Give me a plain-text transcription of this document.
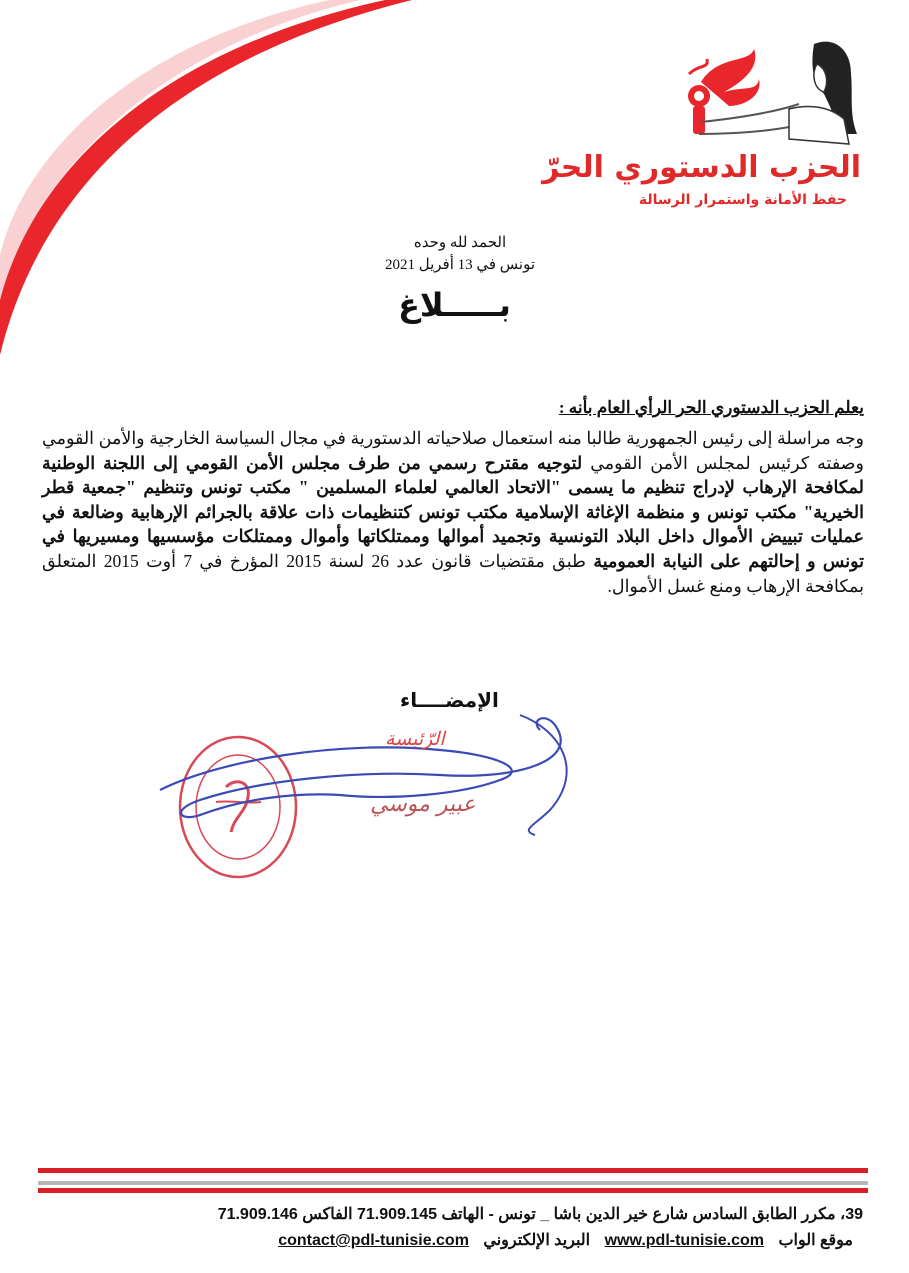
الحزب الدستوري الحرّ
حفظ الأمانة واستمرار الرسالة
الحمد لله وحده
تونس في 13 أفريل 2021
بـــــلاغ

يعلم الحزب الدستوري الحر الرأي العام بأنه :

وجه مراسلة إلى رئيس الجمهورية طالبا منه استعمال صلاحياته الدستورية في مجال السياسة الخارجية والأمن القومي وصفته كرئيس لمجلس الأمن القومي لتوجيه مقترح رسمي من طرف مجلس الأمن القومي إلى اللجنة الوطنية لمكافحة الإرهاب لإدراج تنظيم ما يسمى "الاتحاد العالمي لعلماء المسلمين " مكتب تونس وتنظيم "جمعية قطر الخيرية" مكتب تونس و منظمة الإغاثة الإسلامية مكتب تونس كتنظيمات ذات علاقة بالجرائم الإرهابية وضالعة في عمليات تبييض الأموال داخل البلاد التونسية وتجميد أموالها وممتلكاتها وأموال وممتلكات مؤسسيها ومسيريها في تونس و إحالتهم على النيابة العمومية طبق مقتضيات قانون عدد 26 لسنة 2015 المؤرخ في 7 أوت 2015 المتعلق بمكافحة الإرهاب ومنع غسل الأموال.

الإمضــــاء
الرّئيسة
عبير موسي
39، مكرر الطابق السادس شارع خير الدين باشا _ تونس - الهاتف 71.909.145 الفاكس 71.909.146
موقع الواب www.pdl-tunisie.com البريد الإلكتروني contact@pdl-tunisie.com
